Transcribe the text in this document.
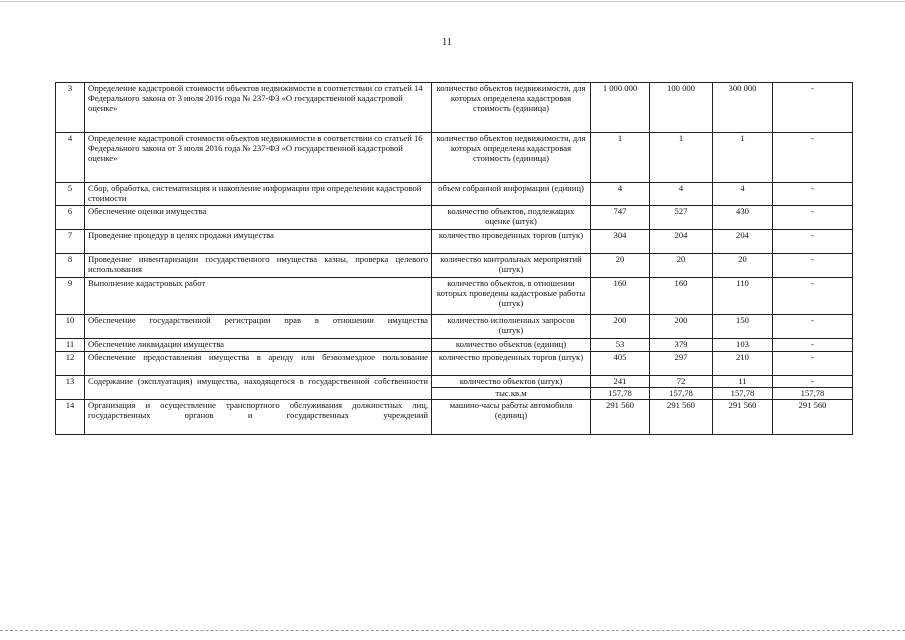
11
3	Определение кадастровой стоимости объектов недвижимости в соответствии со статьей 14 Федерального закона от 3 июля 2016 года № 237-ФЗ «О государственной кадастровой оценке»	количество объектов недвижимости, для которых определена кадастровая стоимость (единица)	1 000 000	100 000	300 000	-
4	Определение кадастровой стоимости объектов недвижимости в соответствии со статьей 16 Федерального закона от 3 июля 2016 года № 237-ФЗ «О государственной кадастровой оценке»	количество объектов недвижимости, для которых определена кадастровая стоимость (единица)	1	1	1	-
5	Сбор, обработка, систематизация и накопление информации при определении кадастровой стоимости	объем собранной информации (единиц)	4	4	4	-
6	Обеспечение оценки имущества	количество объектов, подлежащих оценке (штук)	747	527	430	-
7	Проведение процедур в целях продажи имущества	количество проведенных торгов (штук)	304	204	204	-
8	Проведение инвентаризации государственного имущества казны, проверка целевого использования	количество контрольных мероприятий (штук)	20	20	20	-
9	Выполнение кадастровых работ	количество объектов, в отношении которых проведены кадастровые работы (штук)	160	160	110	-
10	Обеспечение государственной регистрации прав в отношении имущества	количество исполненных запросов (штук)	200	200	150	-
11	Обеспечение ликвидации имущества	количество объектов (единиц)	53	379	103	-
12	Обеспечение предоставления имущества в аренду или безвозмездное пользование	количество проведенных торгов (штук)	405	297	210	-
13	Содержание (эксплуатация) имущества, находящегося в государственной собственности	количество объектов (штук)	241	72	11	-
		тыс.кв.м	157,78	157,78	157,78	157,78
14	Организация и осуществление транспортного обслуживания должностных лиц, государственных органов и государственных учреждений	машино-часы работы автомобиля (единиц)	291 560	291 560	291 560	291 560
